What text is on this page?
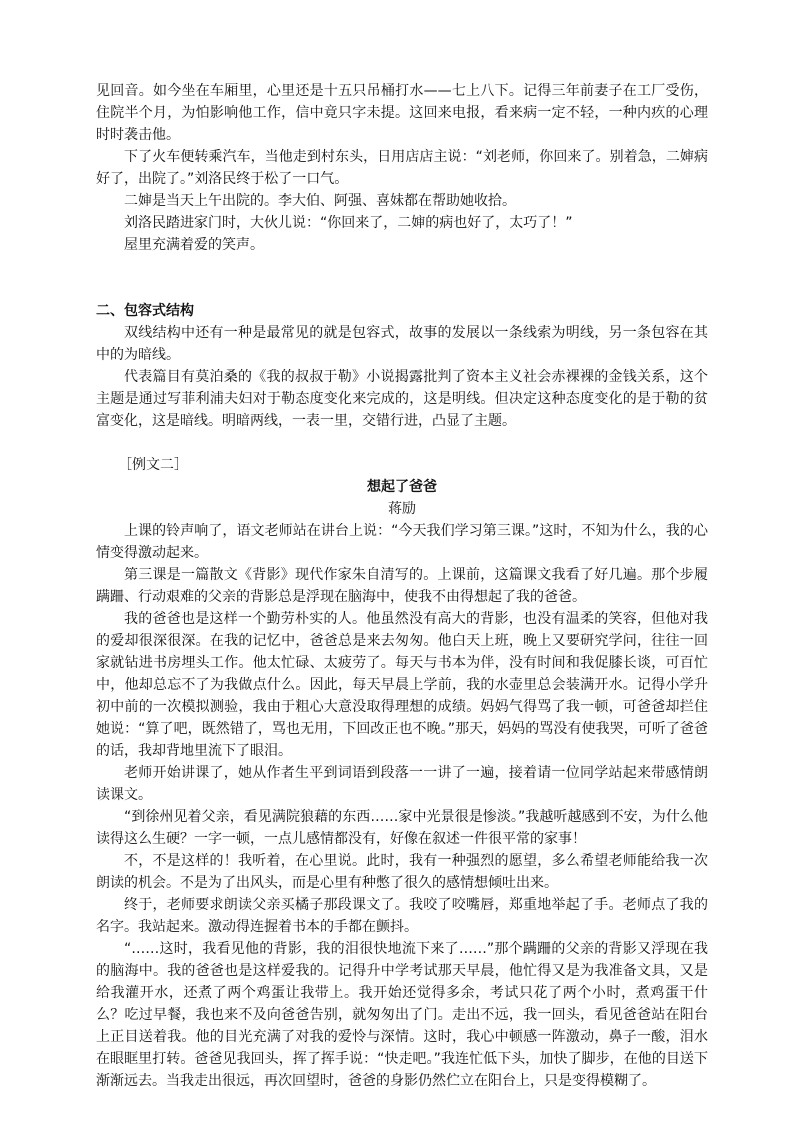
见回音。如今坐在车厢里，心里还是十五只吊桶打水——七上八下。记得三年前妻子在工厂受伤，住院半个月，为怕影响他工作，信中竟只字未提。这回来电报，看来病一定不轻，一种内疚的心理时时袭击他。

下了火车便转乘汽车，当他走到村东头，日用店店主说：“刘老师，你回来了。别着急，二婶病好了，出院了。”刘洛民终于松了一口气。

二婶是当天上午出院的。李大伯、阿强、喜妹都在帮助她收拾。

刘洛民踏进家门时，大伙儿说：“你回来了，二婶的病也好了，太巧了！”

屋里充满着爱的笑声。

二、包容式结构

双线结构中还有一种是最常见的就是包容式，故事的发展以一条线索为明线，另一条包容在其中的为暗线。

代表篇目有莫泊桑的《我的叔叔于勒》小说揭露批判了资本主义社会赤裸裸的金钱关系，这个主题是通过写菲利浦夫妇对于勒态度变化来完成的，这是明线。但决定这种态度变化的是于勒的贫富变化，这是暗线。明暗两线，一表一里，交错行进，凸显了主题。

［例文二］

想起了爸爸

蒋励

上课的铃声响了，语文老师站在讲台上说：“今天我们学习第三课。”这时，不知为什么，我的心情变得激动起来。

第三课是一篇散文《背影》现代作家朱自清写的。上课前，这篇课文我看了好几遍。那个步履蹒跚、行动艰难的父亲的背影总是浮现在脑海中，使我不由得想起了我的爸爸。

我的爸爸也是这样一个勤劳朴实的人。他虽然没有高大的背影，也没有温柔的笑容，但他对我的爱却很深很深。在我的记忆中，爸爸总是来去匆匆。他白天上班，晚上又要研究学问，往往一回家就钻进书房埋头工作。他太忙碌、太疲劳了。每天与书本为伴，没有时间和我促膝长谈，可百忙中，他却总忘不了为我做点什么。因此，每天早晨上学前，我的水壶里总会装满开水。记得小学升初中前的一次模拟测验，我由于粗心大意没取得理想的成绩。妈妈气得骂了我一顿，可爸爸却拦住她说：“算了吧，既然错了，骂也无用，下回改正也不晚。”那天，妈妈的骂没有使我哭，可听了爸爸的话，我却背地里流下了眼泪。

老师开始讲课了，她从作者生平到词语到段落一一讲了一遍，接着请一位同学站起来带感情朗读课文。

“到徐州见着父亲，看见满院狼藉的东西……家中光景很是惨淡。”我越听越感到不安，为什么他读得这么生硬？一字一顿，一点儿感情都没有，好像在叙述一件很平常的家事！

不，不是这样的！我听着，在心里说。此时，我有一种强烈的愿望，多么希望老师能给我一次朗读的机会。不是为了出风头，而是心里有种憋了很久的感情想倾吐出来。

终于，老师要求朗读父亲买橘子那段课文了。我咬了咬嘴唇，郑重地举起了手。老师点了我的名字。我站起来。激动得连握着书本的手都在颤抖。

“……这时，我看见他的背影，我的泪很快地流下来了……”那个蹒跚的父亲的背影又浮现在我的脑海中。我的爸爸也是这样爱我的。记得升中学考试那天早晨，他忙得又是为我准备文具，又是给我灌开水，还煮了两个鸡蛋让我带上。我开始还觉得多余，考试只花了两个小时，煮鸡蛋干什么？吃过早餐，我也来不及向爸爸告别，就匆匆出了门。走出不远，我一回头，看见爸爸站在阳台上正目送着我。他的目光充满了对我的爱怜与深情。这时，我心中顿感一阵激动，鼻子一酸，泪水在眼眶里打转。爸爸见我回头，挥了挥手说：“快走吧。”我连忙低下头，加快了脚步，在他的目送下渐渐远去。当我走出很远，再次回望时，爸爸的身影仍然伫立在阳台上，只是变得模糊了。
